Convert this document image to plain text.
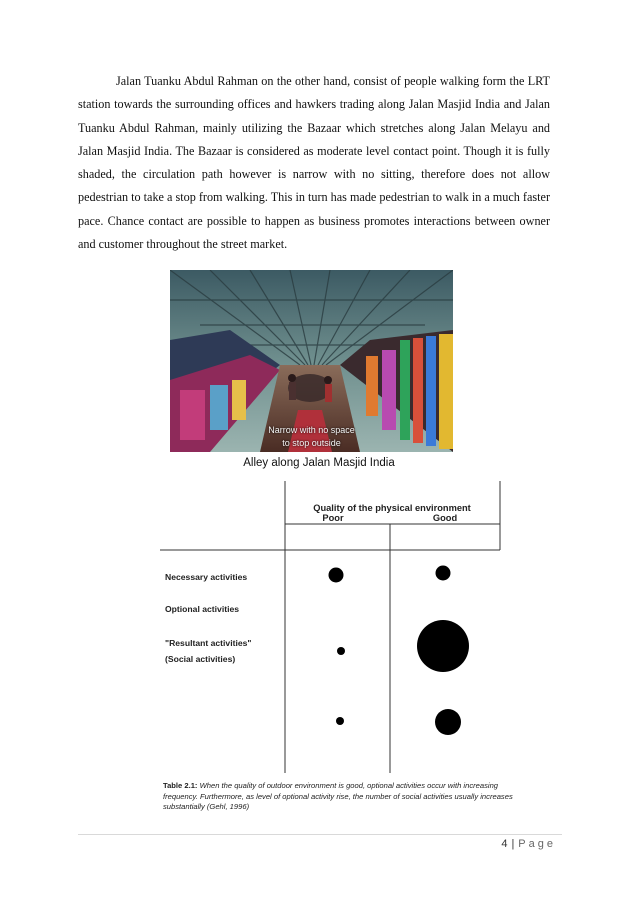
Jalan Tuanku Abdul Rahman on the other hand, consist of people walking form the LRT station towards the surrounding offices and hawkers trading along Jalan Masjid India and Jalan Tuanku Abdul Rahman, mainly utilizing the Bazaar which stretches along Jalan Melayu and Jalan Masjid India. The Bazaar is considered as moderate level contact point. Though it is fully shaded, the circulation path however is narrow with no sitting, therefore does not allow pedestrian to take a stop from walking. This in turn has made pedestrian to walk in a much faster pace. Chance contact are possible to happen as business promotes interactions between owner and customer throughout the street market.

Narrow with no space
to stop outside
Alley along Jalan Masjid India
Quality of the physical environment
Poor	Good
Necessary activities
Optional activities
"Resultant activities"
(Social activities)
Table 2.1: When the quality of outdoor environment is good, optional activities occur with increasing frequency. Furthermore, as level of optional activity rise, the number of social activities usually increases substantially (Gehl, 1996)
4 | Page
